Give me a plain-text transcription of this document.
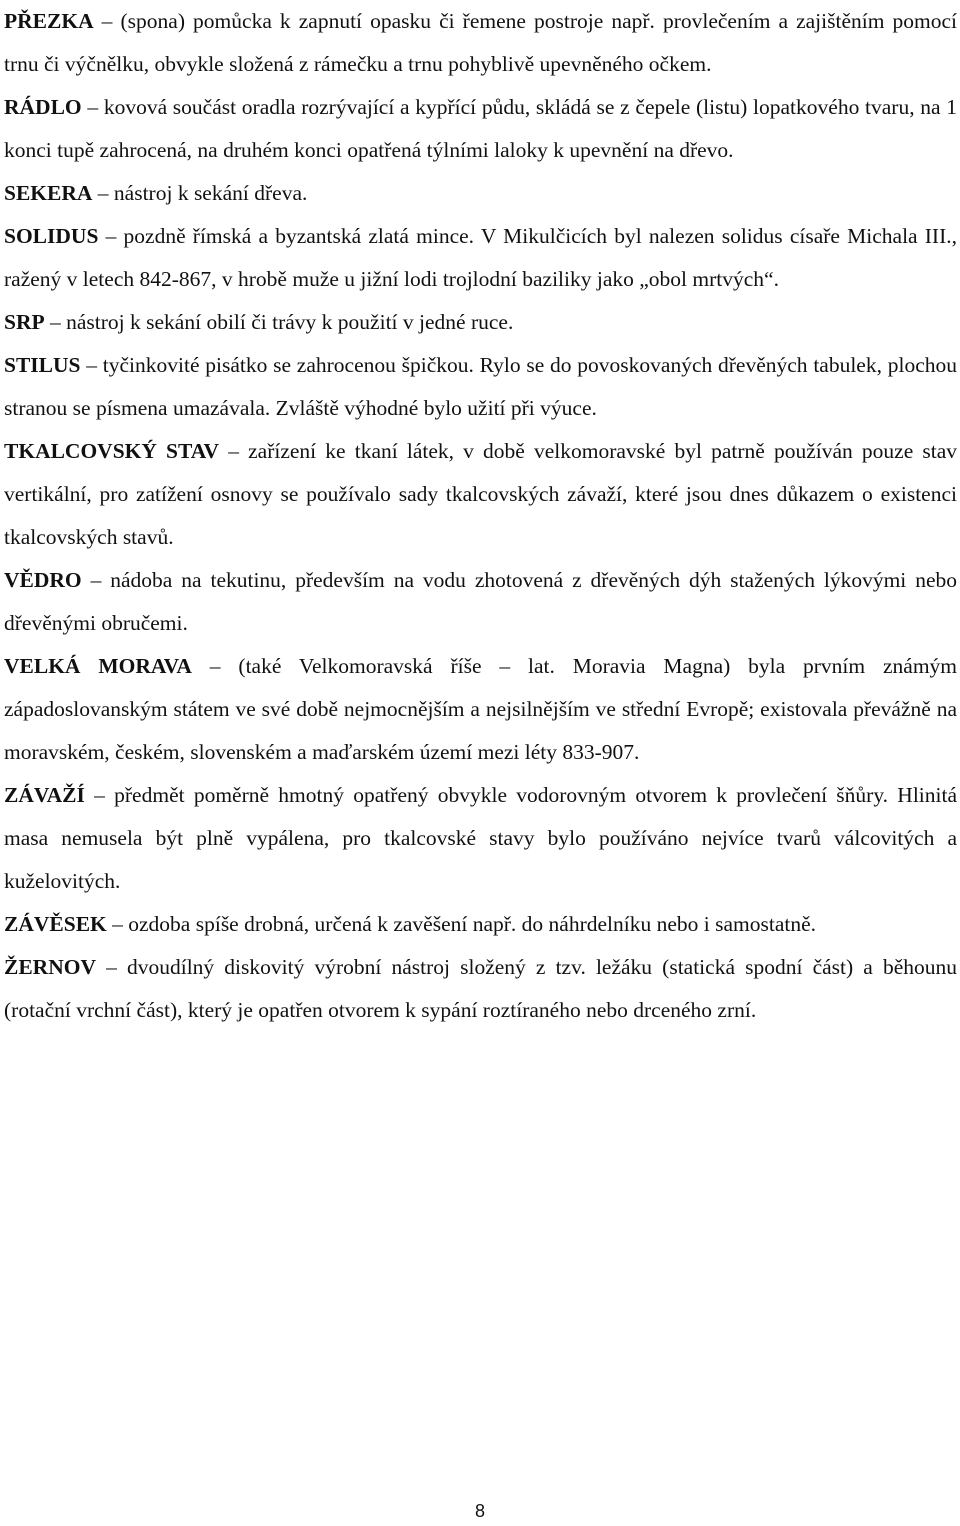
PŘEZKA – (spona) pomůcka k zapnutí opasku či řemene postroje např. provlečením a zajištěním pomocí trnu či výčnělku, obvykle složená z rámečku a trnu pohyblivě upevněného očkem.

RÁDLO – kovová součást oradla rozrývající a kypřící půdu, skládá se z čepele (listu) lopatkového tvaru, na 1 konci tupě zahrocená, na druhém konci opatřená týlními laloky k upevnění na dřevo.

SEKERA – nástroj k sekání dřeva.

SOLIDUS – pozdně římská a byzantská zlatá mince. V Mikulčicích byl nalezen solidus císaře Michala III., ražený v letech 842-867, v hrobě muže u jižní lodi trojlodní baziliky jako „obol mrtvých“.

SRP – nástroj k sekání obilí či trávy k použití v jedné ruce.

STILUS – tyčinkovité pisátko se zahrocenou špičkou. Rylo se do povoskovaných dřevěných tabulek, plochou stranou se písmena umazávala. Zvláště výhodné bylo užití při výuce.

TKALCOVSKÝ STAV – zařízení ke tkaní látek, v době velkomoravské byl patrně používán pouze stav vertikální, pro zatížení osnovy se používalo sady tkalcovských závaží, které jsou dnes důkazem o existenci tkalcovských stavů.

VĚDRO – nádoba na tekutinu, především na vodu zhotovená z dřevěných dýh stažených lýkovými nebo dřevěnými obručemi.

VELKÁ MORAVA – (také Velkomoravská říše – lat. Moravia Magna) byla prvním známým západoslovanským státem ve své době nejmocnějším a nejsilnějším ve střední Evropě; existovala převážně na moravském, českém, slovenském a maďarském území mezi léty 833-907.

ZÁVAŽÍ – předmět poměrně hmotný opatřený obvykle vodorovným otvorem k provlečení šňůry. Hlinitá masa nemusela být plně vypálena, pro tkalcovské stavy bylo používáno nejvíce tvarů válcovitých a kuželovitých.

ZÁVĚSEK – ozdoba spíše drobná, určená k zavěšení např. do náhrdelníku nebo i samostatně.

ŽERNOV – dvoudílný diskovitý výrobní nástroj složený z tzv. ležáku (statická spodní část) a běhounu (rotační vrchní část), který je opatřen otvorem k sypání roztíraného nebo drceného zrní.

8
